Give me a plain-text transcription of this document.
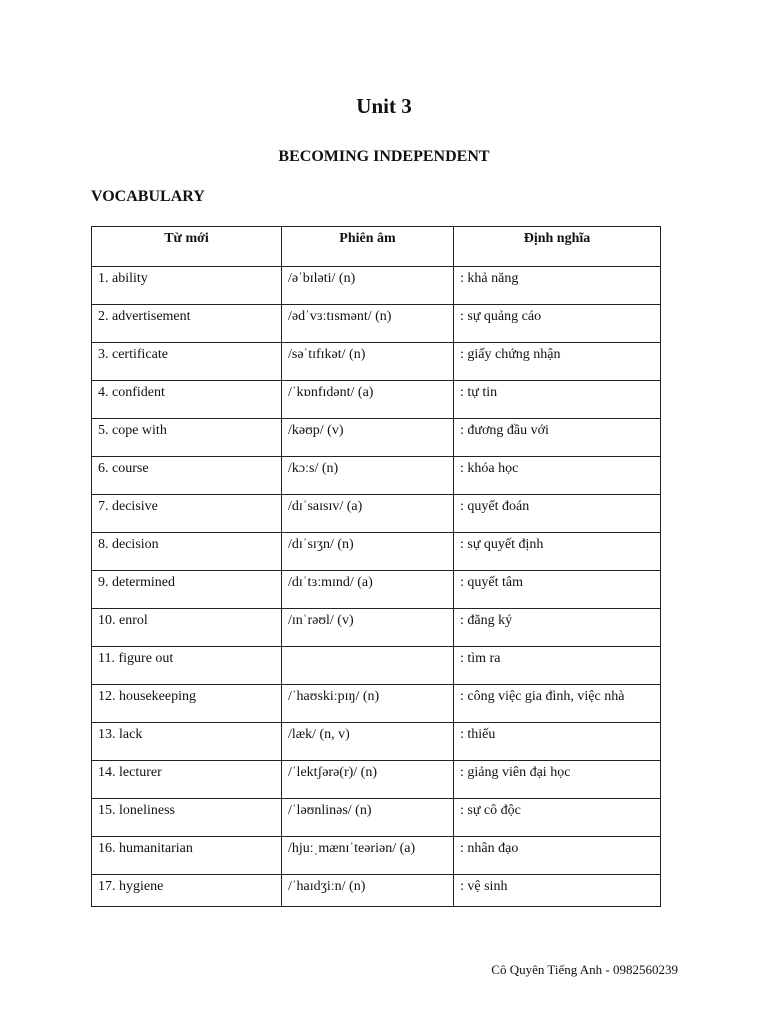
Unit 3
BECOMING INDEPENDENT
VOCABULARY
Từ mới	Phiên âm	Định nghĩa
1. ability	/əˈbɪləti/ (n)	: khả năng
2. advertisement	/ədˈvɜːtɪsmənt/ (n)	: sự quảng cáo
3. certificate	/səˈtɪfɪkət/ (n)	: giấy chứng nhận
4. confident	/ˈkɒnfɪdənt/ (a)	: tự tin
5. cope with	/kəʊp/ (v)	: đương đầu với
6. course	/kɔːs/ (n)	: khóa học
7. decisive	/dɪˈsaɪsɪv/ (a)	: quyết đoán
8. decision	/dɪˈsɪʒn/ (n)	: sự quyết định
9. determined	/dɪˈtɜːmɪnd/ (a)	: quyết tâm
10. enrol	/ɪnˈrəʊl/ (v)	: đăng ký
11. figure out		: tìm ra
12. housekeeping	/ˈhaʊskiːpɪŋ/ (n)	: công việc gia đình, việc nhà
13. lack	/læk/ (n, v)	: thiếu
14. lecturer	/ˈlektʃərə(r)/ (n)	: giảng viên đại học
15. loneliness	/ˈləʊnlinəs/ (n)	: sự cô độc
16. humanitarian	/hjuːˌmænɪˈteəriən/ (a)	: nhân đạo
17. hygiene	/ˈhaɪdʒiːn/ (n)	: vệ sinh
Cô Quyên Tiếng Anh - 0982560239
